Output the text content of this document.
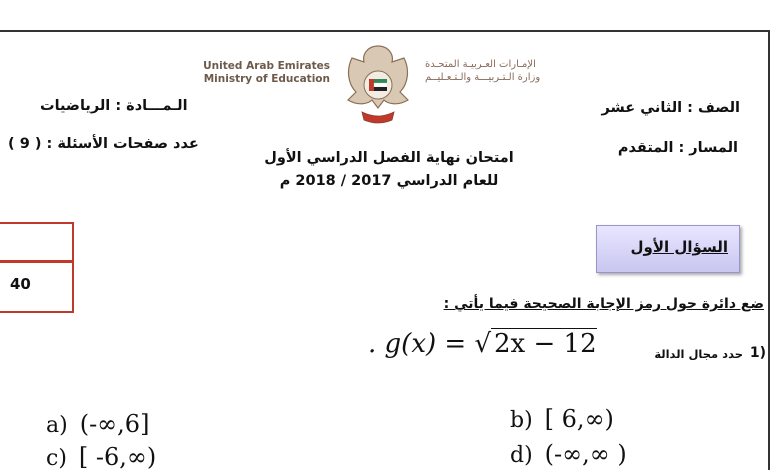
United Arab Emirates
Ministry of Education
الإمـارات العـربيـة المتحـدة
وزارة الـتـربيـــة والـتـعـليــم
الصف : الثاني عشر
المسار : المتقدم
الـمـــادة : الرياضيات
عدد صفحات الأسئلة : ( 9 )
امتحان نهاية الفصل الدراسي الأول
للعام الدراسي 2017 / 2018 م
40
السؤال الأول
ضع دائرة حول رمز الإجابة الصحيحة فيما يأتي :
1)
حدد مجال الدالة
. g(x) = √ 2x − 12
a) (-∞,6]	b) [ 6,∞)
c) [ -6,∞)	d) (-∞,∞ )
